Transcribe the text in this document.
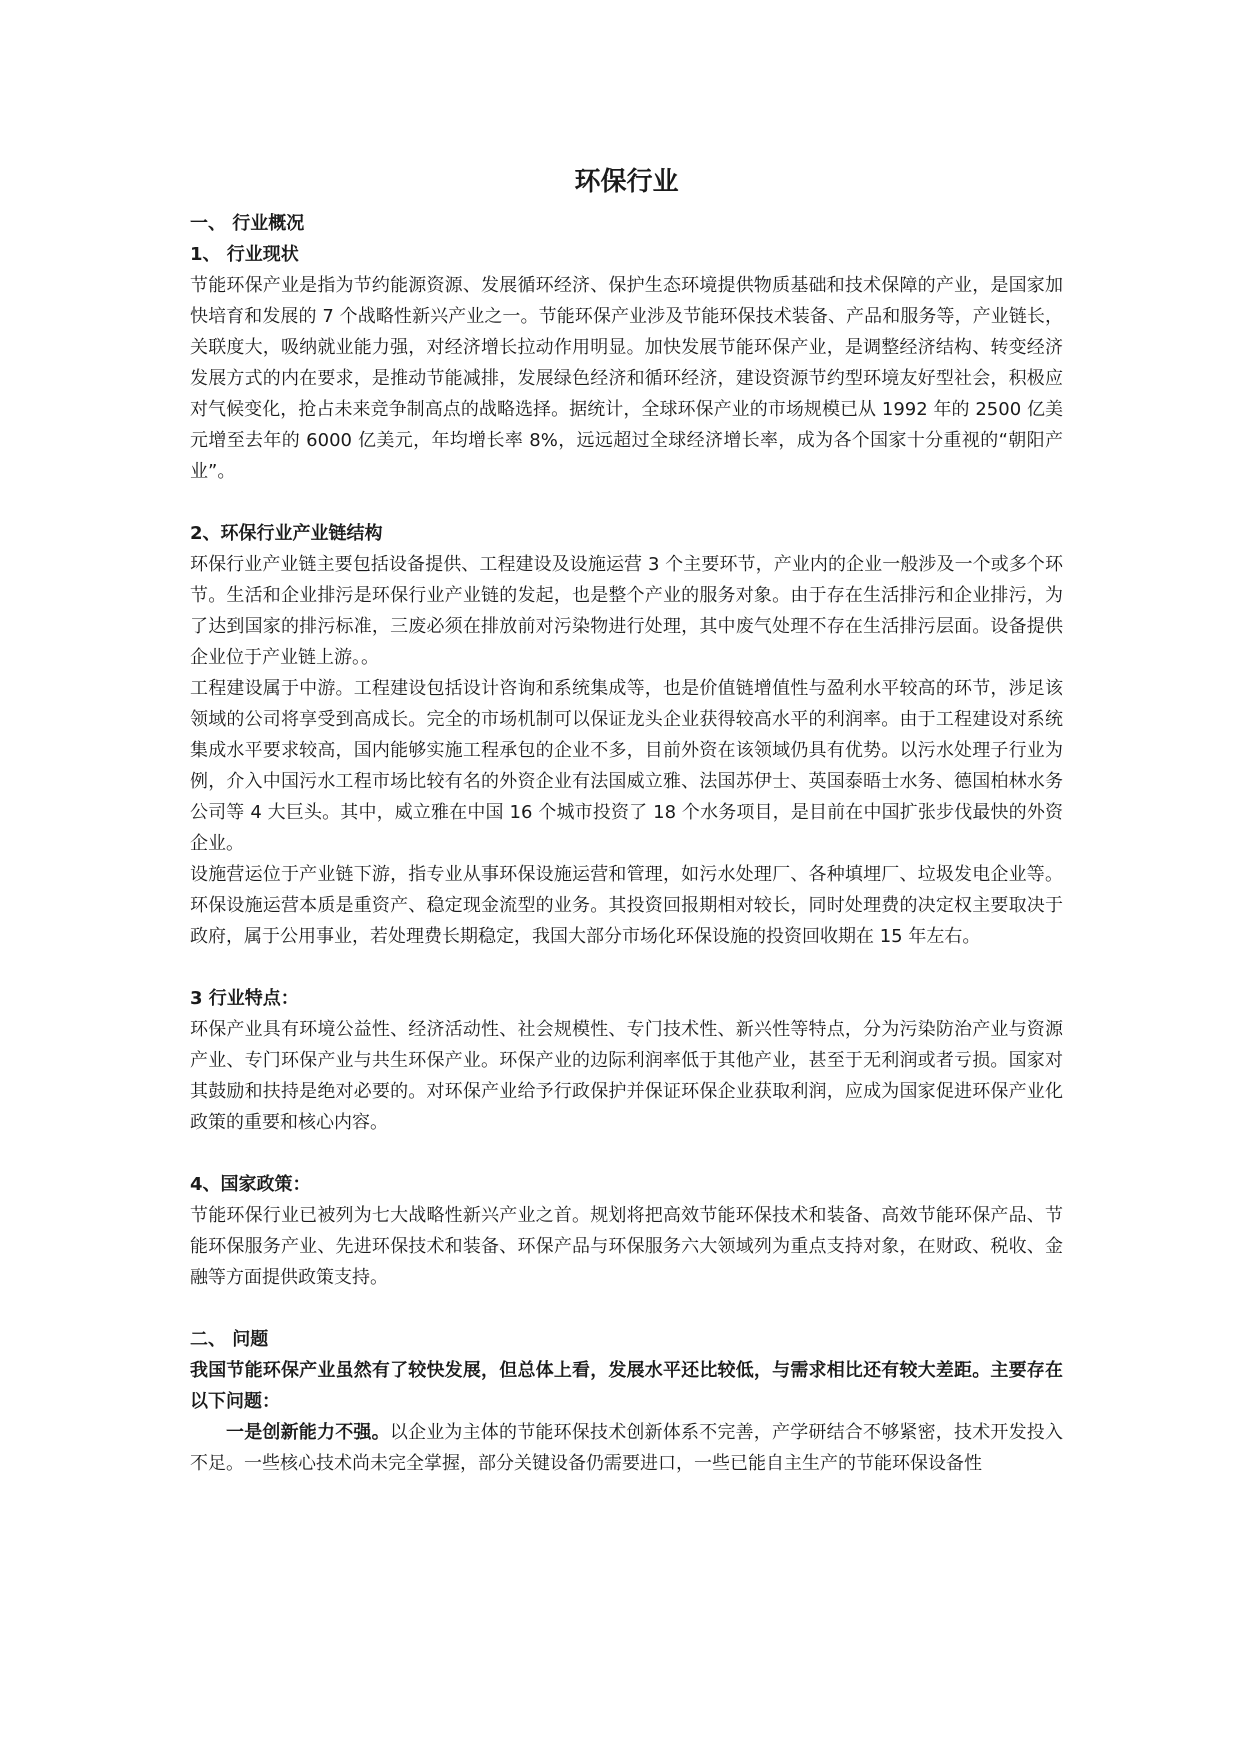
环保行业

一、 行业概况

1、 行业现状

节能环保产业是指为节约能源资源、发展循环经济、保护生态环境提供物质基础和技术保障的产业，是国家加快培育和发展的 7 个战略性新兴产业之一。节能环保产业涉及节能环保技术装备、产品和服务等，产业链长，关联度大，吸纳就业能力强，对经济增长拉动作用明显。加快发展节能环保产业，是调整经济结构、转变经济发展方式的内在要求，是推动节能减排，发展绿色经济和循环经济，建设资源节约型环境友好型社会，积极应对气候变化，抢占未来竞争制高点的战略选择。据统计，全球环保产业的市场规模已从 1992 年的 2500 亿美元增至去年的 6000 亿美元，年均增长率 8%，远远超过全球经济增长率，成为各个国家十分重视的“朝阳产业”。

2、环保行业产业链结构

环保行业产业链主要包括设备提供、工程建设及设施运营 3 个主要环节，产业内的企业一般涉及一个或多个环节。生活和企业排污是环保行业产业链的发起，也是整个产业的服务对象。由于存在生活排污和企业排污，为了达到国家的排污标准，三废必须在排放前对污染物进行处理，其中废气处理不存在生活排污层面。设备提供企业位于产业链上游。。

工程建设属于中游。工程建设包括设计咨询和系统集成等，也是价值链增值性与盈利水平较高的环节，涉足该领域的公司将享受到高成长。完全的市场机制可以保证龙头企业获得较高水平的利润率。由于工程建设对系统集成水平要求较高，国内能够实施工程承包的企业不多，目前外资在该领域仍具有优势。以污水处理子行业为例，介入中国污水工程市场比较有名的外资企业有法国威立雅、法国苏伊士、英国泰晤士水务、德国柏林水务公司等 4 大巨头。其中，威立雅在中国 16 个城市投资了 18 个水务项目，是目前在中国扩张步伐最快的外资企业。

设施营运位于产业链下游，指专业从事环保设施运营和管理，如污水处理厂、各种填埋厂、垃圾发电企业等。环保设施运营本质是重资产、稳定现金流型的业务。其投资回报期相对较长，同时处理费的决定权主要取决于政府，属于公用事业，若处理费长期稳定，我国大部分市场化环保设施的投资回收期在 15 年左右。

3 行业特点：

环保产业具有环境公益性、经济活动性、社会规模性、专门技术性、新兴性等特点，分为污染防治产业与资源产业、专门环保产业与共生环保产业。环保产业的边际利润率低于其他产业，甚至于无利润或者亏损。国家对其鼓励和扶持是绝对必要的。对环保产业给予行政保护并保证环保企业获取利润，应成为国家促进环保产业化政策的重要和核心内容。

4、国家政策：

节能环保行业已被列为七大战略性新兴产业之首。规划将把高效节能环保技术和装备、高效节能环保产品、节能环保服务产业、先进环保技术和装备、环保产品与环保服务六大领域列为重点支持对象，在财政、税收、金融等方面提供政策支持。

二、 问题

我国节能环保产业虽然有了较快发展，但总体上看，发展水平还比较低，与需求相比还有较大差距。主要存在以下问题：

一是创新能力不强。以企业为主体的节能环保技术创新体系不完善，产学研结合不够紧密，技术开发投入不足。一些核心技术尚未完全掌握，部分关键设备仍需要进口，一些已能自主生产的节能环保设备性
